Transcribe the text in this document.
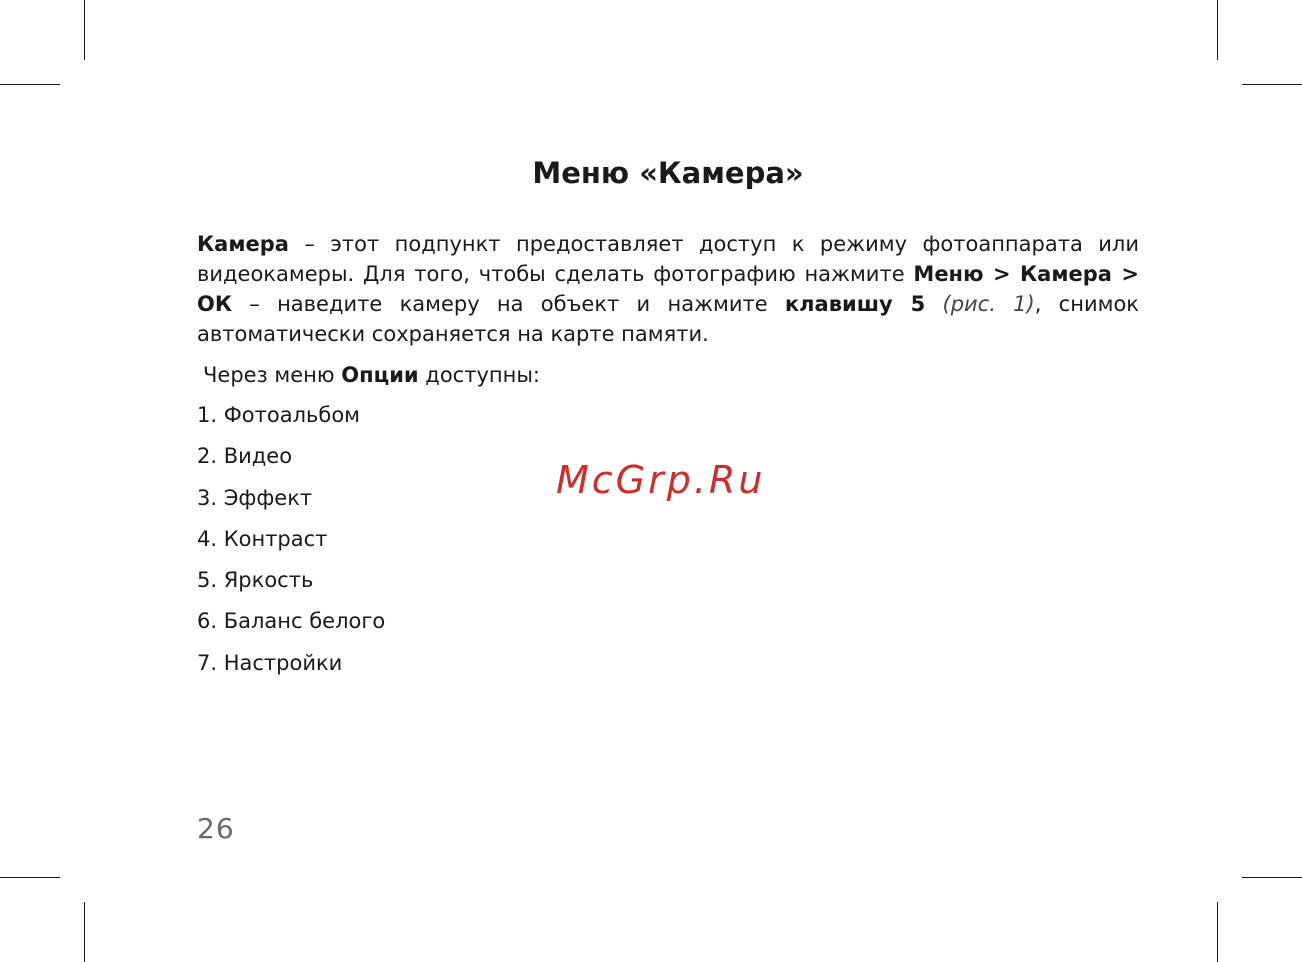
Меню «Камера»

Камера – этот подпункт предоставляет доступ к режиму фотоаппарата или видеокамеры. Для того, чтобы сделать фотографию нажмите Меню > Камера > ОК – наведите камеру на объект и нажмите клавишу 5 (рис. 1), снимок автоматически сохраняется на карте памяти.

Через меню Опции доступны:

1. Фотоальбом
2. Видео
3. Эффект
4. Контраст
5. Яркость
6. Баланс белого
7. Настройки
McGrp.Ru
26
